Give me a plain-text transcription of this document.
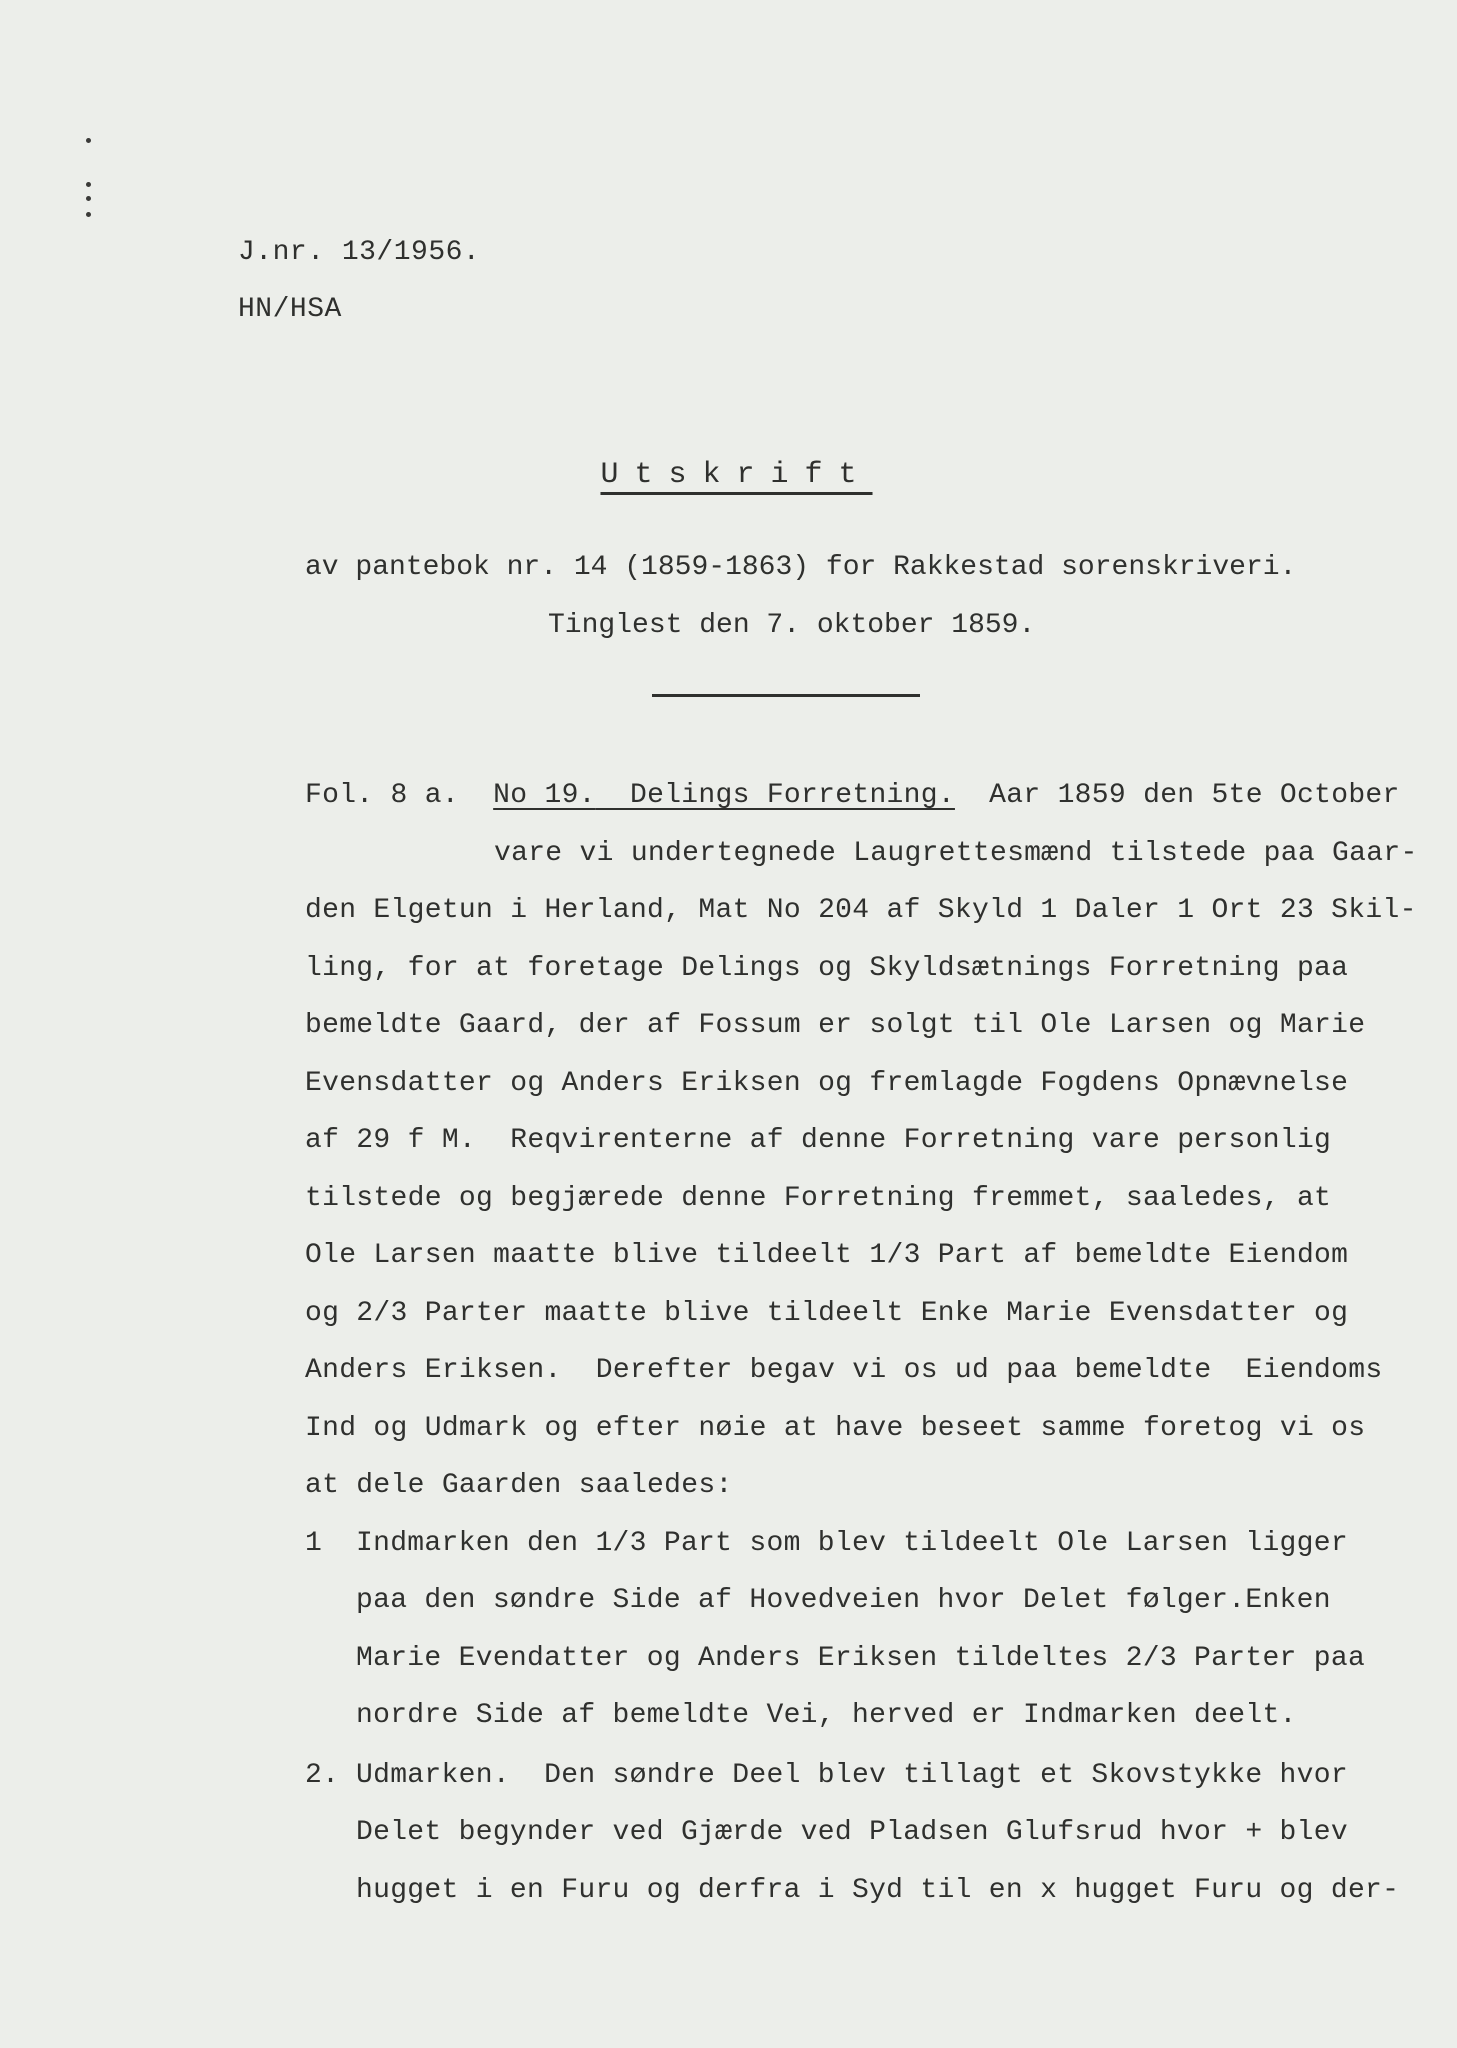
J.nr. 13/1956.
HN/HSA
Utskrift
av pantebok nr. 14 (1859-1863) for Rakkestad sorenskriveri.
Tinglest den 7. oktober 1859.
Fol. 8 a. No 19. Delings Forretning. Aar 1859 den 5te October
vare vi undertegnede Laugrettesmænd tilstede paa Gaar-
den Elgetun i Herland, Mat No 204 af Skyld 1 Daler 1 Ort 23 Skil-
ling, for at foretage Delings og Skyldsætnings Forretning paa
bemeldte Gaard, der af Fossum er solgt til Ole Larsen og Marie
Evensdatter og Anders Eriksen og fremlagde Fogdens Opnævnelse
af 29 f M.  Reqvirenterne af denne Forretning vare personlig
tilstede og begjærede denne Forretning fremmet, saaledes, at
Ole Larsen maatte blive tildeelt 1/3 Part af bemeldte Eiendom
og 2/3 Parter maatte blive tildeelt Enke Marie Evensdatter og
Anders Eriksen.  Derefter begav vi os ud paa bemeldte  Eiendoms
Ind og Udmark og efter nøie at have beseet samme foretog vi os
at dele Gaarden saaledes:
1 Indmarken den 1/3 Part som blev tildeelt Ole Larsen ligger
paa den søndre Side af Hovedveien hvor Delet følger.Enken
Marie Evendatter og Anders Eriksen tildeltes 2/3 Parter paa
nordre Side af bemeldte Vei, herved er Indmarken deelt.
2. Udmarken.  Den søndre Deel blev tillagt et Skovstykke hvor
Delet begynder ved Gjærde ved Pladsen Glufsrud hvor + blev
hugget i en Furu og derfra i Syd til en x hugget Furu og der-
